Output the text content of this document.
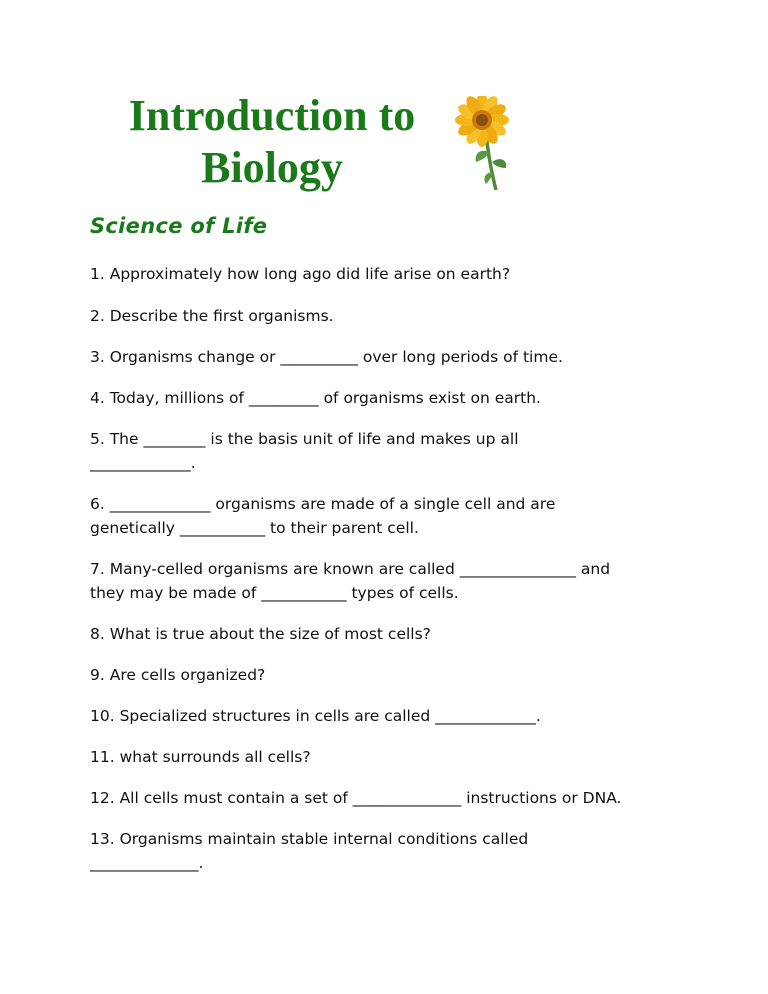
Introduction to
Biology
Science of Life

1. Approximately how long ago did life arise on earth?

2. Describe the first organisms.

3. Organisms change or __________ over long periods of time.

4. Today, millions of _________ of organisms exist on earth.

5. The ________ is the basis unit of life and makes up all
_____________.

6. _____________ organisms are made of a single cell and are
genetically ___________ to their parent cell.

7. Many-celled organisms are known are called _______________ and
they may be made of ___________ types of cells.

8. What is true about the size of most cells?

9. Are cells organized?

10. Specialized structures in cells are called _____________.

11. what surrounds all cells?

12. All cells must contain a set of ______________ instructions or DNA.

13. Organisms maintain stable internal conditions called
______________.
